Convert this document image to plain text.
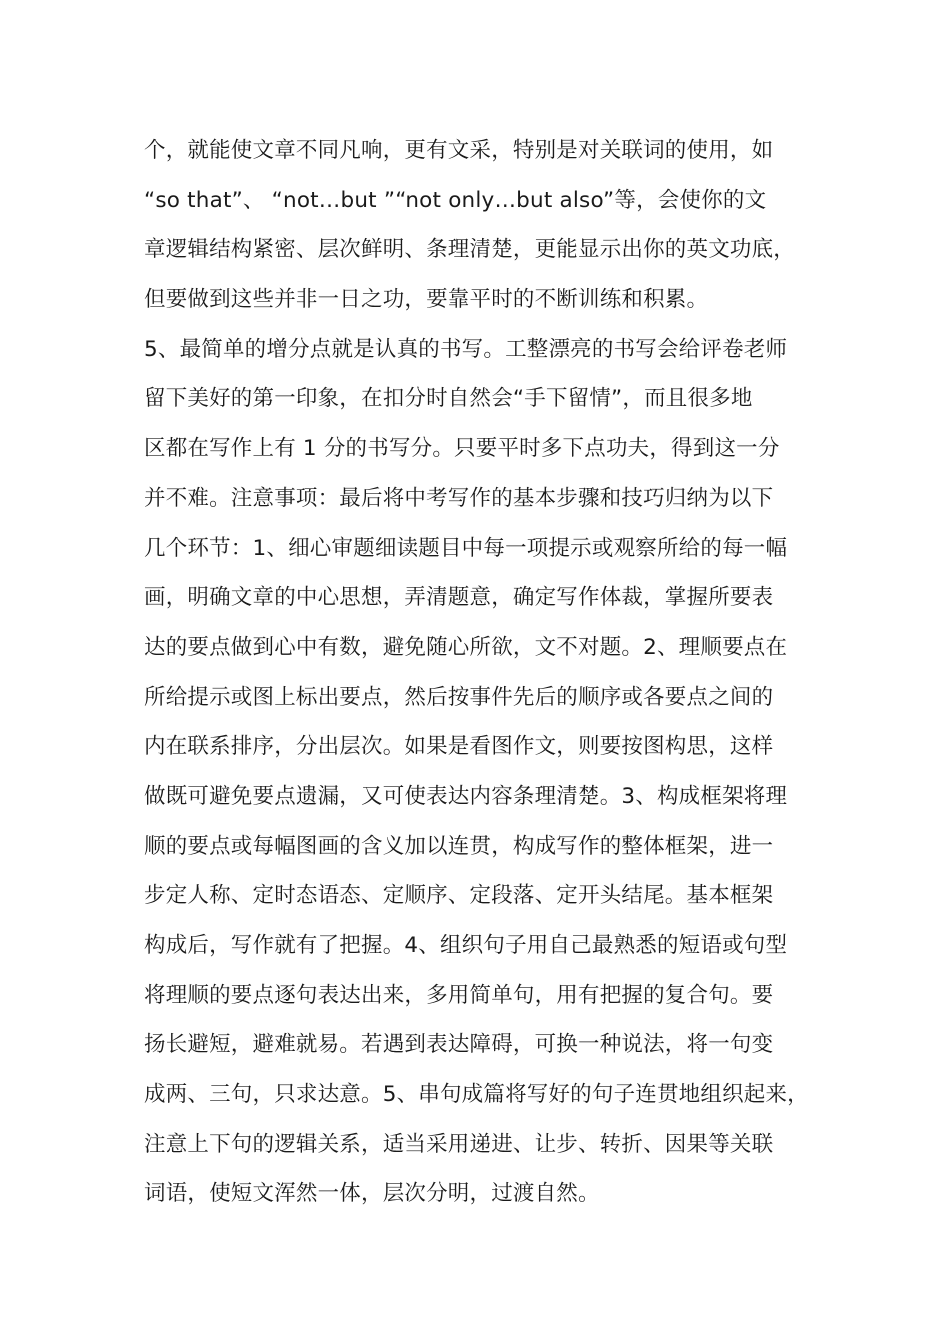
个，就能使文章不同凡响，更有文采，特别是对关联词的使用，如
“so that”、 “not…but ”“not only…but also”等，会使你的文
章逻辑结构紧密、层次鲜明、条理清楚，更能显示出你的英文功底，
但要做到这些并非一日之功，要靠平时的不断训练和积累。
5、最简单的增分点就是认真的书写。工整漂亮的书写会给评卷老师
留下美好的第一印象，在扣分时自然会“手下留情”，而且很多地
区都在写作上有 1 分的书写分。只要平时多下点功夫，得到这一分
并不难。注意事项：最后将中考写作的基本步骤和技巧归纳为以下
几个环节：1、细心审题细读题目中每一项提示或观察所给的每一幅
画，明确文章的中心思想，弄清题意，确定写作体裁，掌握所要表
达的要点做到心中有数，避免随心所欲，文不对题。2、理顺要点在
所给提示或图上标出要点，然后按事件先后的顺序或各要点之间的
内在联系排序，分出层次。如果是看图作文，则要按图构思，这样
做既可避免要点遗漏，又可使表达内容条理清楚。3、构成框架将理
顺的要点或每幅图画的含义加以连贯，构成写作的整体框架，进一
步定人称、定时态语态、定顺序、定段落、定开头结尾。基本框架
构成后，写作就有了把握。4、组织句子用自己最熟悉的短语或句型
将理顺的要点逐句表达出来，多用简单句，用有把握的复合句。要
扬长避短，避难就易。若遇到表达障碍，可换一种说法，将一句变
成两、三句，只求达意。5、串句成篇将写好的句子连贯地组织起来，
注意上下句的逻辑关系，适当采用递进、让步、转折、因果等关联
词语，使短文浑然一体，层次分明，过渡自然。
